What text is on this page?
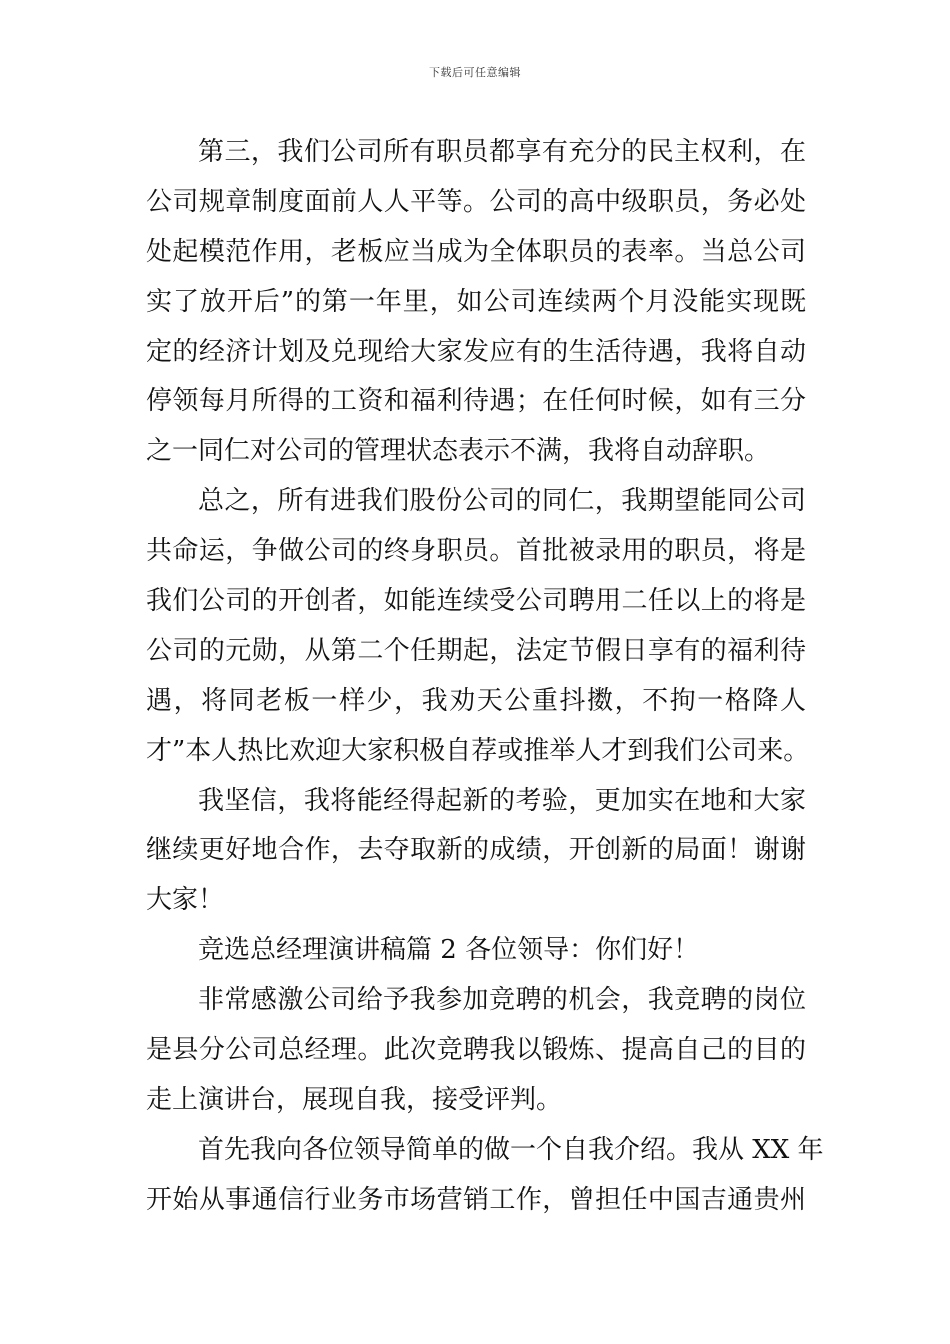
下载后可任意编辑
第三，我们公司所有职员都享有充分的民主权利，在
公司规章制度面前人人平等。公司的高中级职员，务必处
处起模范作用，老板应当成为全体职员的表率。当总公司
实了放开后”的第一年里，如公司连续两个月没能实现既
定的经济计划及兑现给大家发应有的生活待遇，我将自动
停领每月所得的工资和福利待遇；在任何时候，如有三分
之一同仁对公司的管理状态表示不满，我将自动辞职。
总之，所有进我们股份公司的同仁，我期望能同公司
共命运，争做公司的终身职员。首批被录用的职员，将是
我们公司的开创者，如能连续受公司聘用二任以上的将是
公司的元勋，从第二个任期起，法定节假日享有的福利待
遇，将同老板一样少，我劝天公重抖擞，不拘一格降人
才”本人热比欢迎大家积极自荐或推举人才到我们公司来。
我坚信，我将能经得起新的考验，更加实在地和大家
继续更好地合作，去夺取新的成绩，开创新的局面！谢谢
大家！
竞选总经理演讲稿篇 2 各位领导：你们好！
非常感激公司给予我参加竞聘的机会，我竞聘的岗位
是县分公司总经理。此次竞聘我以锻炼、提高自己的目的
走上演讲台，展现自我，接受评判。
首先我向各位领导简单的做一个自我介绍。我从 XX 年
开始从事通信行业务市场营销工作，曾担任中国吉通贵州
